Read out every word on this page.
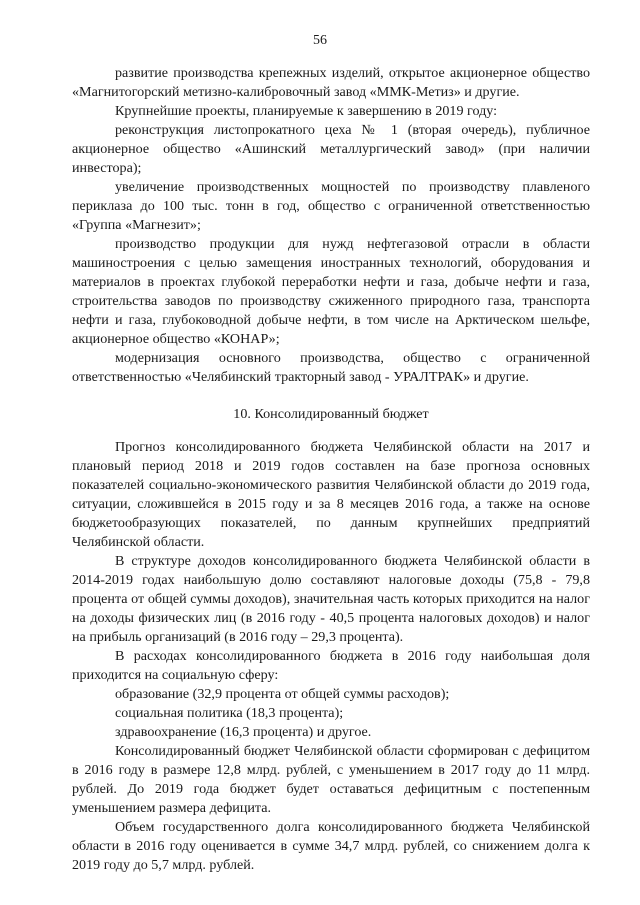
56

развитие производства крепежных изделий, открытое акционерное общество «Магнитогорский метизно-калибровочный завод «ММК-Метиз» и другие.

Крупнейшие проекты, планируемые к завершению в 2019 году:

реконструкция листопрокатного цеха № 1 (вторая очередь), публичное акционерное общество «Ашинский металлургический завод» (при наличии инвестора);

увеличение производственных мощностей по производству плавленого периклаза до 100 тыс. тонн в год, общество с ограниченной ответственностью «Группа «Магнезит»;

производство продукции для нужд нефтегазовой отрасли в области машиностроения с целью замещения иностранных технологий, оборудования и материалов в проектах глубокой переработки нефти и газа, добыче нефти и газа, строительства заводов по производству сжиженного природного газа, транспорта нефти и газа, глубоководной добыче нефти, в том числе на Арктическом шельфе, акционерное общество «КОНАР»;

модернизация основного производства, общество с ограниченной ответственностью «Челябинский тракторный завод - УРАЛТРАК» и другие.

10. Консолидированный бюджет

Прогноз консолидированного бюджета Челябинской области на 2017 и плановый период 2018 и 2019 годов составлен на базе прогноза основных показателей социально-экономического развития Челябинской области до 2019 года, ситуации, сложившейся в 2015 году и за 8 месяцев 2016 года, а также на основе бюджетообразующих показателей, по данным крупнейших предприятий Челябинской области.

В структуре доходов консолидированного бюджета Челябинской области в 2014-2019 годах наибольшую долю составляют налоговые доходы (75,8 - 79,8 процента от общей суммы доходов), значительная часть которых приходится на налог на доходы физических лиц (в 2016 году - 40,5 процента налоговых доходов) и налог на прибыль организаций (в 2016 году – 29,3 процента).

В расходах консолидированного бюджета в 2016 году наибольшая доля приходится на социальную сферу:

образование (32,9 процента от общей суммы расходов);

социальная политика (18,3 процента);

здравоохранение (16,3 процента) и другое.

Консолидированный бюджет Челябинской области сформирован с дефицитом в 2016 году в размере 12,8 млрд. рублей, с уменьшением в 2017 году до 11 млрд. рублей. До 2019 года бюджет будет оставаться дефицитным с постепенным уменьшением размера дефицита.

Объем государственного долга консолидированного бюджета Челябинской области в 2016 году оценивается в сумме 34,7 млрд. рублей, со снижением долга к 2019 году до 5,7 млрд. рублей.
